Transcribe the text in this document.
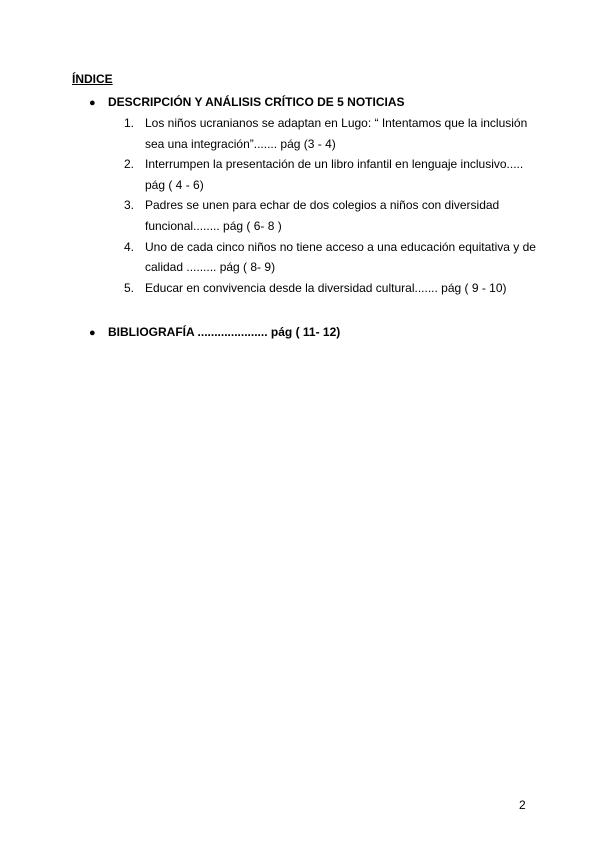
ÍNDICE
● DESCRIPCIÓN Y ANÁLISIS CRÍTICO DE 5 NOTICIAS
1. Los niños ucranianos se adaptan en Lugo: “ Intentamos que la inclusión sea una integración”....... pág (3 - 4)
2. Interrumpen la presentación de un libro infantil en lenguaje inclusivo..... pág ( 4 - 6)
3. Padres se unen para echar de dos colegios a niños con diversidad funcional........ pág ( 6- 8 )
4. Uno de cada cinco niños no tiene acceso a una educación equitativa y de calidad ......... pág ( 8- 9)
5. Educar en convivencia desde la diversidad cultural....... pág ( 9 - 10)
● BIBLIOGRAFÍA ..................... pág ( 11- 12)
2
